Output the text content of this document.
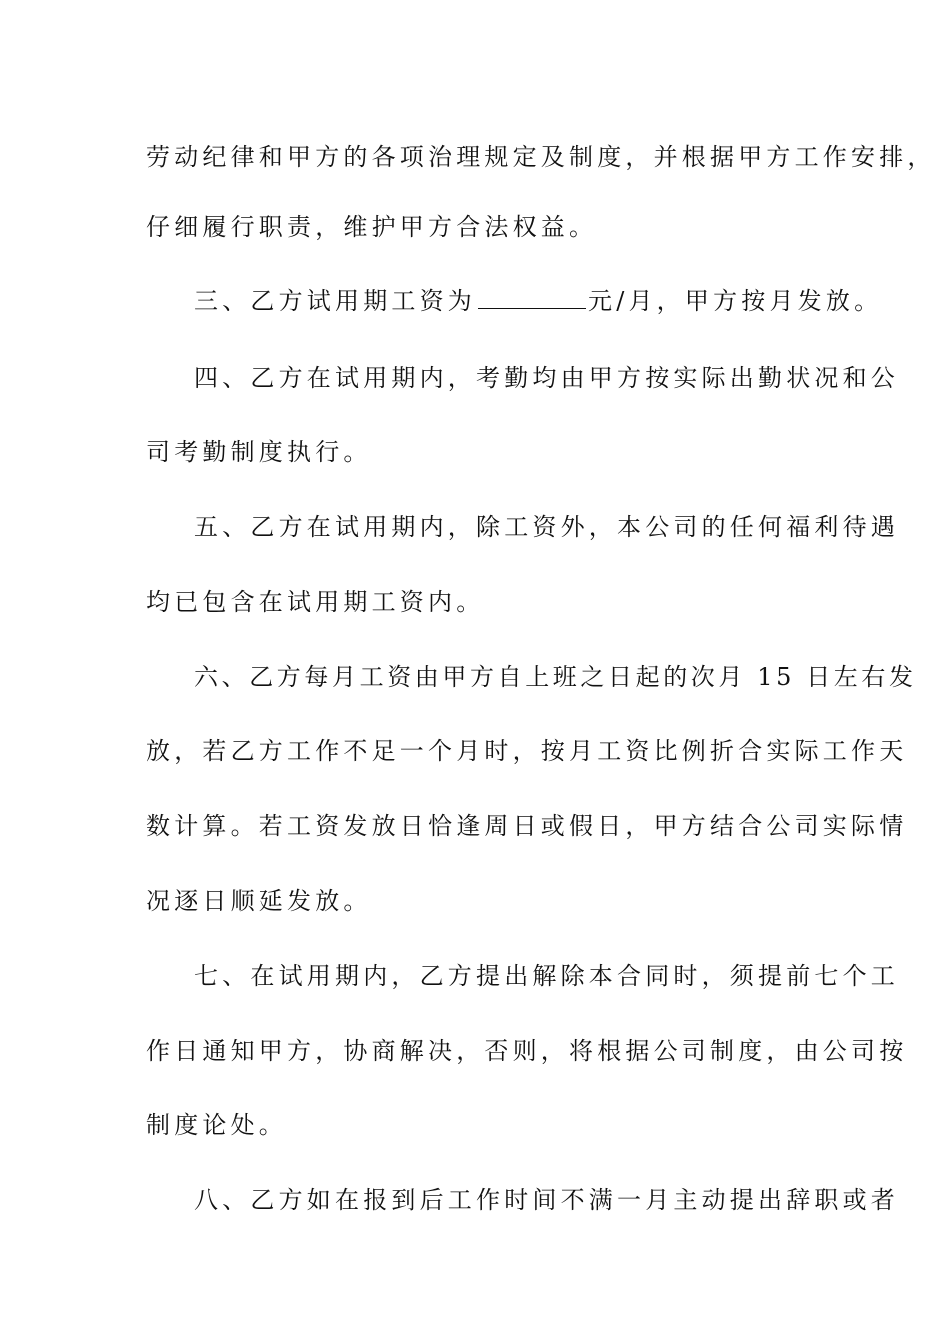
劳动纪律和甲方的各项治理规定及制度，并根据甲方工作安排，
仔细履行职责，维护甲方合法权益。
三、乙方试用期工资为	元/月，甲方按月发放。
四、乙方在试用期内，考勤均由甲方按实际出勤状况和公
司考勤制度执行。
五、乙方在试用期内，除工资外，本公司的任何福利待遇
均已包含在试用期工资内。
六、乙方每月工资由甲方自上班之日起的次月 15 日左右发
放，若乙方工作不足一个月时，按月工资比例折合实际工作天
数计算。若工资发放日恰逢周日或假日，甲方结合公司实际情
况逐日顺延发放。
七、在试用期内，乙方提出解除本合同时，须提前七个工
作日通知甲方，协商解决，否则，将根据公司制度，由公司按
制度论处。
八、乙方如在报到后工作时间不满一月主动提出辞职或者
